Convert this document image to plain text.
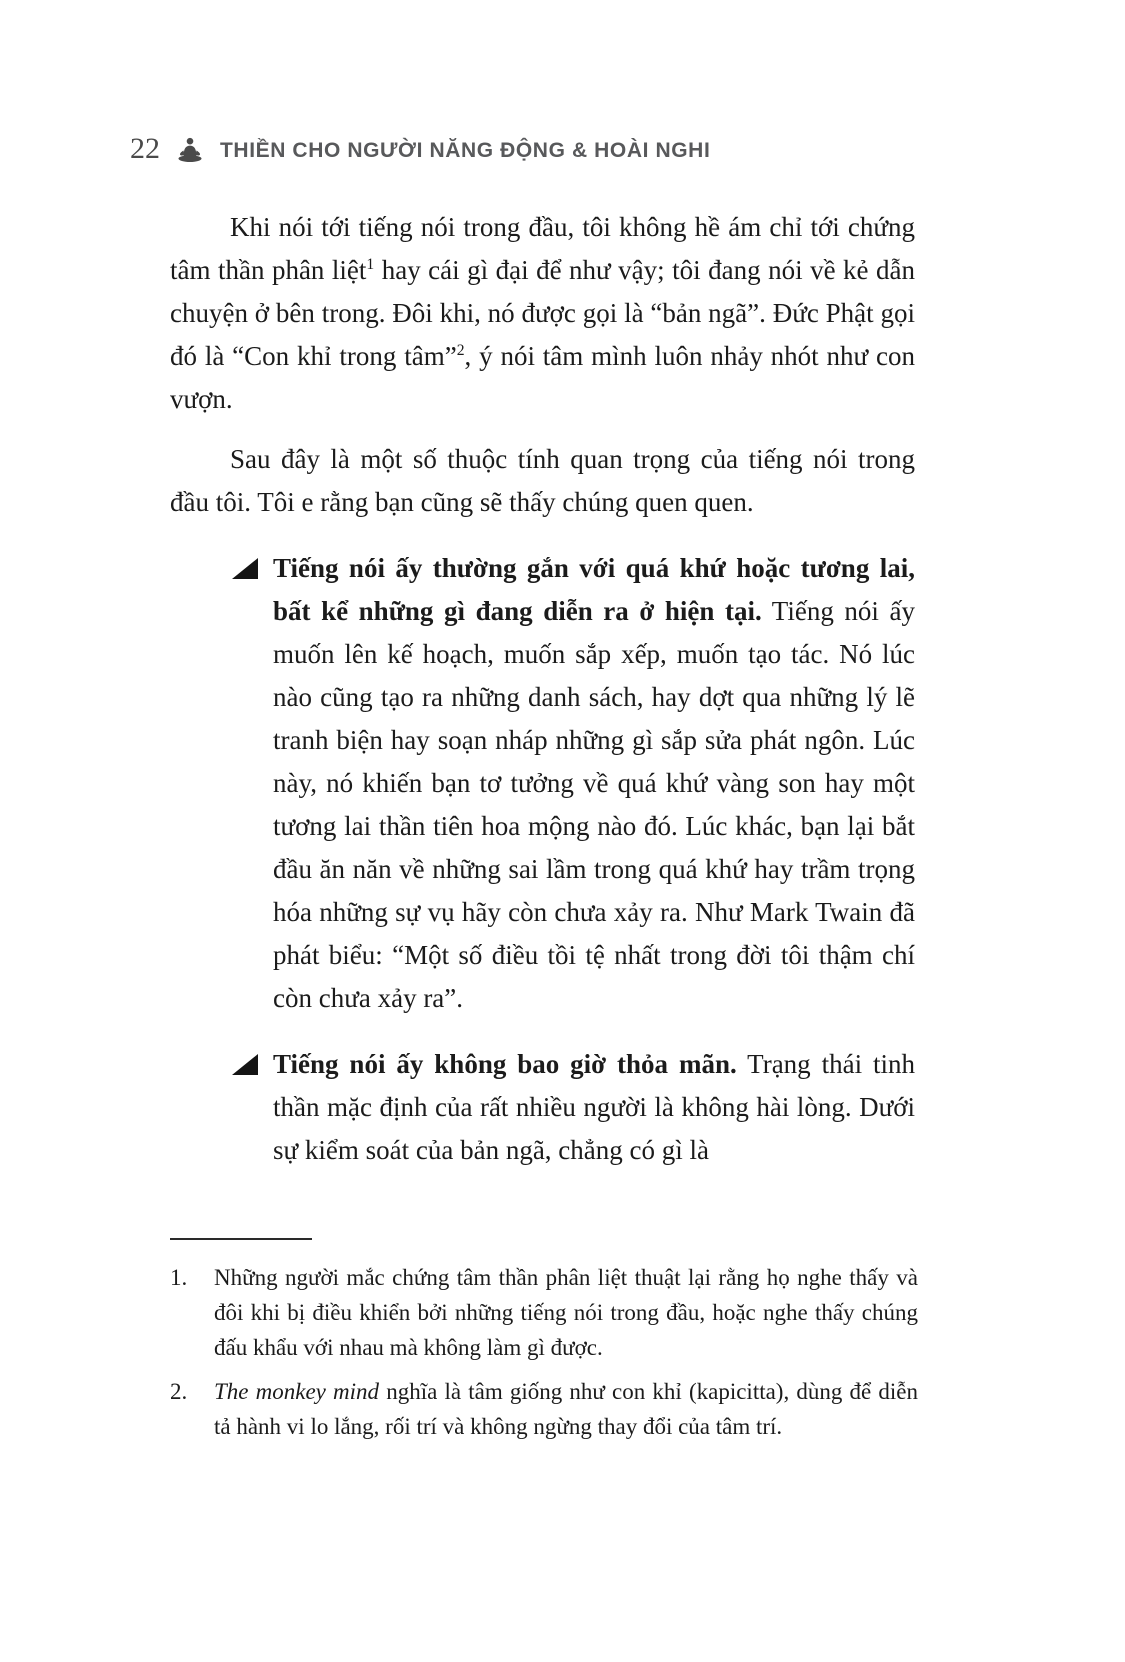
22	THIỀN CHO NGƯỜI NĂNG ĐỘNG & HOÀI NGHI

Khi nói tới tiếng nói trong đầu, tôi không hề ám chỉ tới chứng tâm thần phân liệt$^1$ hay cái gì đại để như vậy; tôi đang nói về kẻ dẫn chuyện ở bên trong. Đôi khi, nó được gọi là “bản ngã”. Đức Phật gọi đó là “Con khỉ trong tâm”$^2$, ý nói tâm mình luôn nhảy nhót như con vượn.

Sau đây là một số thuộc tính quan trọng của tiếng nói trong đầu tôi. Tôi e rằng bạn cũng sẽ thấy chúng quen quen.

Tiếng nói ấy thường gắn với quá khứ hoặc tương lai, bất kể những gì đang diễn ra ở hiện tại. Tiếng nói ấy muốn lên kế hoạch, muốn sắp xếp, muốn tạo tác. Nó lúc nào cũng tạo ra những danh sách, hay dợt qua những lý lẽ tranh biện hay soạn nháp những gì sắp sửa phát ngôn. Lúc này, nó khiến bạn tơ tưởng về quá khứ vàng son hay một tương lai thần tiên hoa mộng nào đó. Lúc khác, bạn lại bắt đầu ăn năn về những sai lầm trong quá khứ hay trầm trọng hóa những sự vụ hãy còn chưa xảy ra. Như Mark Twain đã phát biểu: “Một số điều tồi tệ nhất trong đời tôi thậm chí còn chưa xảy ra”.

Tiếng nói ấy không bao giờ thỏa mãn. Trạng thái tinh thần mặc định của rất nhiều người là không hài lòng. Dưới sự kiểm soát của bản ngã, chẳng có gì là

1.	Những người mắc chứng tâm thần phân liệt thuật lại rằng họ nghe thấy và đôi khi bị điều khiển bởi những tiếng nói trong đầu, hoặc nghe thấy chúng đấu khẩu với nhau mà không làm gì được.
2.	The monkey mind nghĩa là tâm giống như con khỉ (kapicitta), dùng để diễn tả hành vi lo lắng, rối trí và không ngừng thay đổi của tâm trí.
